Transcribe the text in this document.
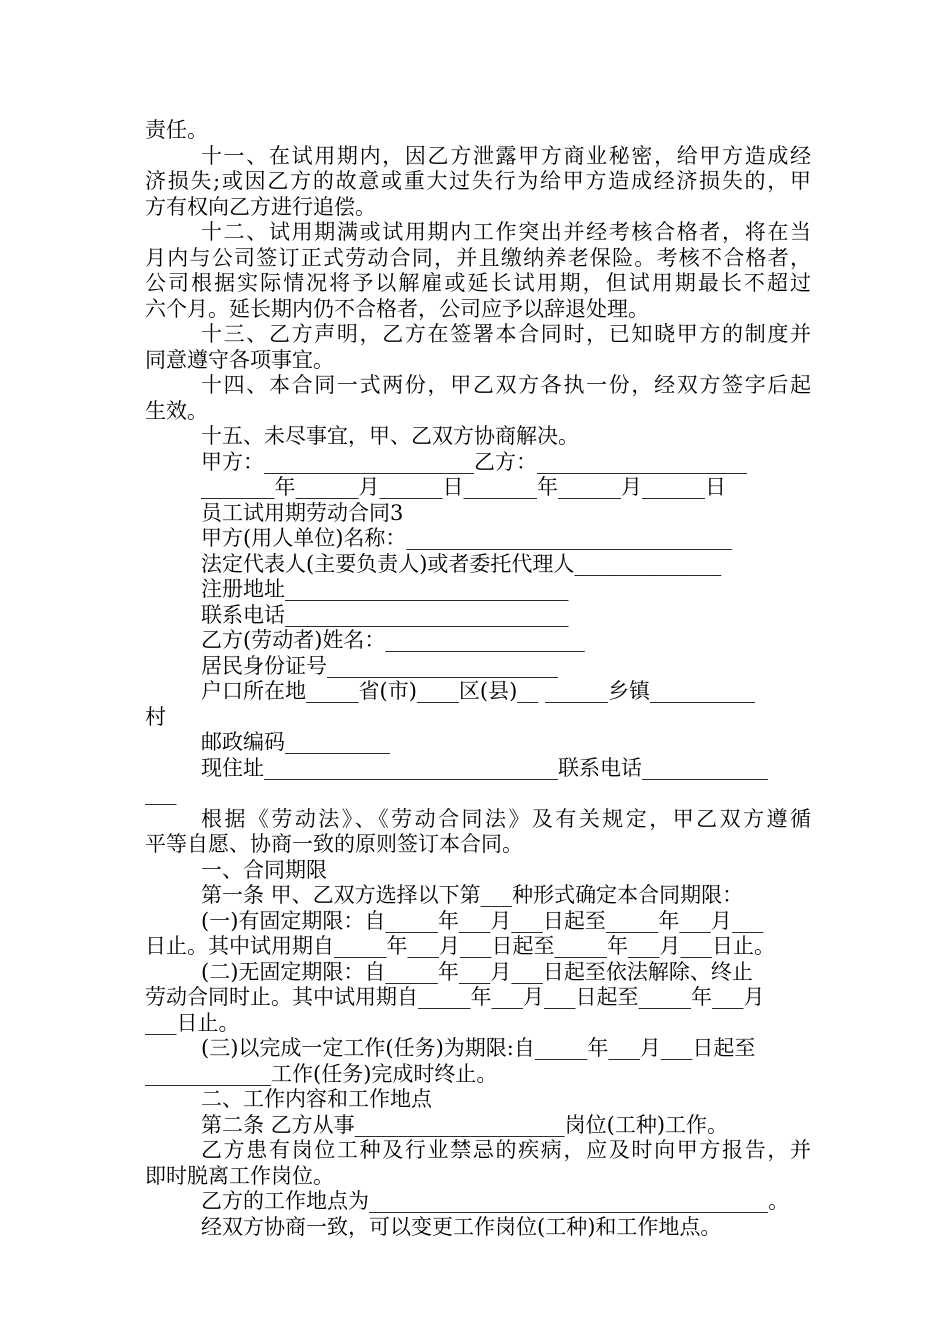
责任。
十一、在试用期内，因乙方泄露甲方商业秘密，给甲方造成经
济损失;或因乙方的故意或重大过失行为给甲方造成经济损失的，甲
方有权向乙方进行追偿。
十二、试用期满或试用期内工作突出并经考核合格者，将在当
月内与公司签订正式劳动合同，并且缴纳养老保险。考核不合格者，
公司根据实际情况将予以解雇或延长试用期，但试用期最长不超过
六个月。延长期内仍不合格者，公司应予以辞退处理。
十三、乙方声明，乙方在签署本合同时，已知晓甲方的制度并
同意遵守各项事宜。
十四、本合同一式两份，甲乙双方各执一份，经双方签字后起
生效。
十五、未尽事宜，甲、乙双方协商解决。
甲方：____________________乙方：____________________
_______年______月______日_______年______月______日
员工试用期劳动合同3
甲方(用人单位)名称：_______________________________
法定代表人(主要负责人)或者委托代理人______________
注册地址___________________________
联系电话___________________________
乙方(劳动者)姓名：___________________
居民身份证号______________________
户口所在地_____省(市)____区(县)__ ______乡镇__________
村
邮政编码__________
现住址____________________________联系电话____________
___
根据《劳动法》、《劳动合同法》及有关规定，甲乙双方遵循
平等自愿、协商一致的原则签订本合同。
一、合同期限
第一条 甲、乙双方选择以下第___种形式确定本合同期限：
(一)有固定期限：自_____年___月___日起至_____年___月___
日止。其中试用期自_____年___月___日起至_____年___月___日止。
(二)无固定期限：自_____年___月___日起至依法解除、终止
劳动合同时止。其中试用期自_____年___月___日起至_____年___月
___日止。
(三)以完成一定工作(任务)为期限:自_____年___月___日起至
____________工作(任务)完成时终止。
二、工作内容和工作地点
第二条 乙方从事____________________岗位(工种)工作。
乙方患有岗位工种及行业禁忌的疾病，应及时向甲方报告，并
即时脱离工作岗位。
乙方的工作地点为______________________________________。
经双方协商一致，可以变更工作岗位(工种)和工作地点。
